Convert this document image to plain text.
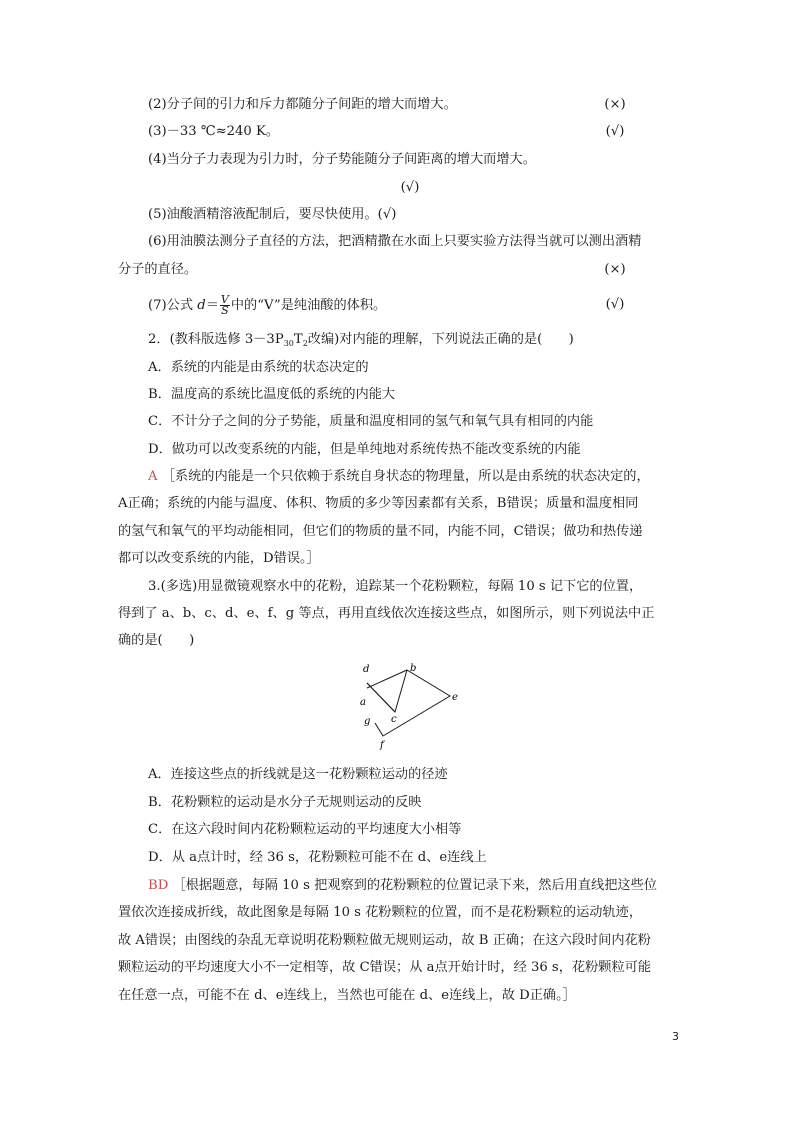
(2)分子间的引力和斥力都随分子间距的增大而增大。	(×)
(3)－33 ℃≈240 K。	(√)
(4)当分子力表现为引力时，分子势能随分子间距离的增大而增大。
(√)
(5)油酸酒精溶液配制后，要尽快使用。(√)
(6)用油膜法测分子直径的方法，把酒精撒在水面上只要实验方法得当就可以测出酒精
分子的直径。	(×)
(7)公式 $d= \frac{V}{S}$ 中的“V”是纯油酸的体积。	(√)
2．(教科版选修 $3-3P_{30}T_2$改编)对内能的理解，下列说法正确的是(　　)
A．系统的内能是由系统的状态决定的
B．温度高的系统比温度低的系统的内能大
C．不计分子之间的分子势能，质量和温度相同的氢气和氧气具有相同的内能
D．做功可以改变系统的内能，但是单纯地对系统传热不能改变系统的内能
A ［系统的内能是一个只依赖于系统自身状态的物理量，所以是由系统的状态决定的，
A正确；系统的内能与温度、体积、物质的多少等因素都有关系，B错误；质量和温度相同
的氢气和氧气的平均动能相同，但它们的物质的量不同，内能不同，C错误；做功和热传递
都可以改变系统的内能，D错误。］
3.(多选)用显微镜观察水中的花粉，追踪某一个花粉颗粒，每隔 10 s 记下它的位置，
得到了 a、b、c、d、e、f、g 等点，再用直线依次连接这些点，如图所示，则下列说法中正
确的是(　　)
d	b
a
c
e
g
f
A．连接这些点的折线就是这一花粉颗粒运动的径迹
B．花粉颗粒的运动是水分子无规则运动的反映
C．在这六段时间内花粉颗粒运动的平均速度大小相等
D．从 a点计时，经 36 s，花粉颗粒可能不在 d、e连线上
BD ［根据题意，每隔 10 s 把观察到的花粉颗粒的位置记录下来，然后用直线把这些位
置依次连接成折线，故此图象是每隔 10 s 花粉颗粒的位置，而不是花粉颗粒的运动轨迹，
故 A错误；由图线的杂乱无章说明花粉颗粒做无规则运动，故 B 正确；在这六段时间内花粉
颗粒运动的平均速度大小不一定相等，故 C错误；从 a点开始计时，经 36 s，花粉颗粒可能
在任意一点，可能不在 d、e连线上，当然也可能在 d、e连线上，故 D正确。］
3
